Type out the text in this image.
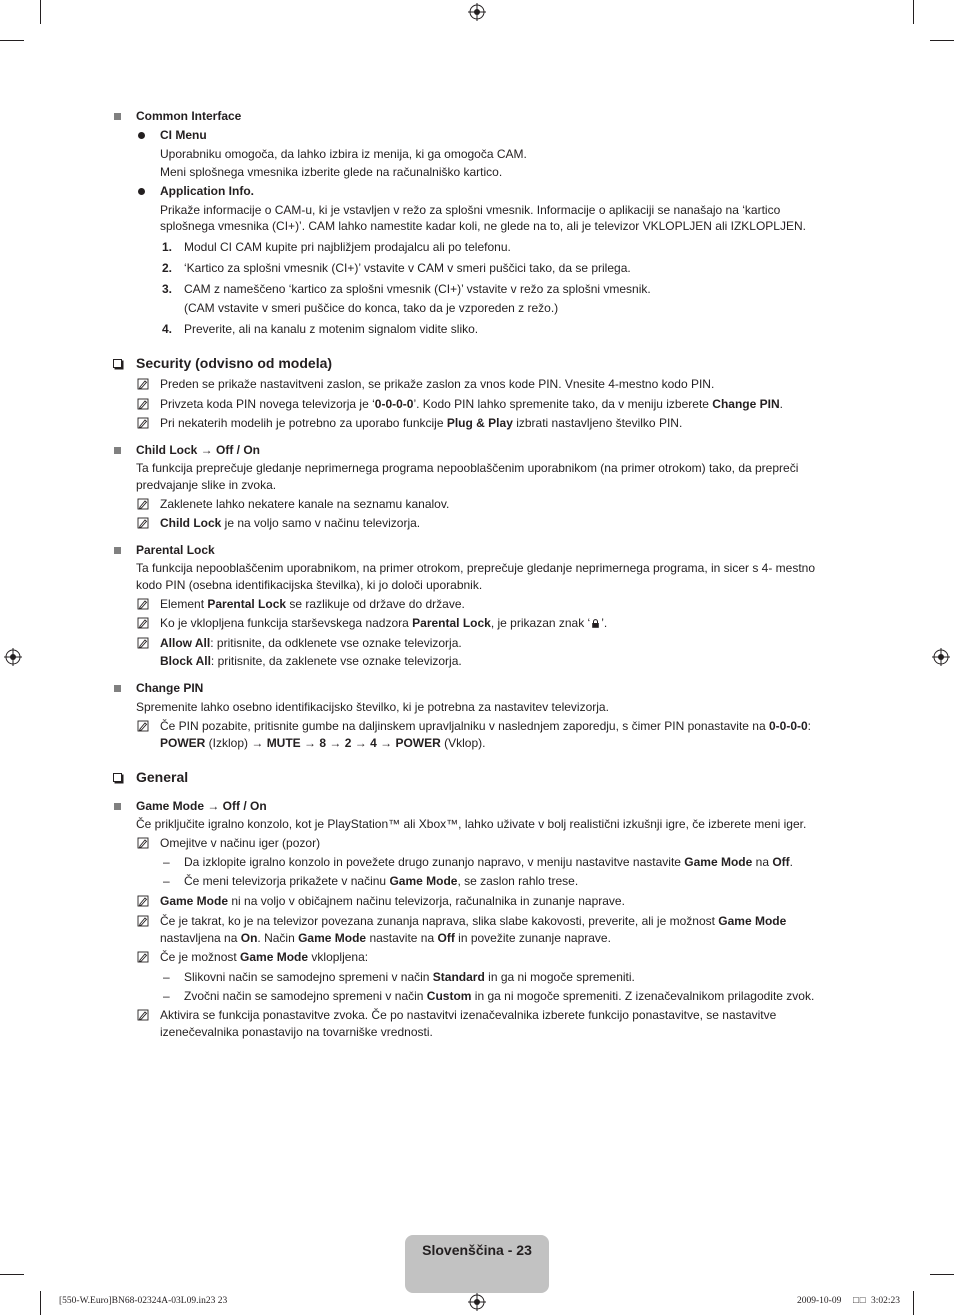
Common Interface
CI Menu
Uporabniku omogoča, da lahko izbira iz menija, ki ga omogoča CAM.
Meni splošnega vmesnika izberite glede na računalniško kartico.
Application Info.
Prikaže informacije o CAM-u, ki je vstavljen v režo za splošni vmesnik. Informacije o aplikaciji se nanašajo na ‘kartico
splošnega vmesnika (CI+)’. CAM lahko namestite kadar koli, ne glede na to, ali je televizor VKLOPLJEN ali IZKLOPLJEN.
1. Modul CI CAM kupite pri najbližjem prodajalcu ali po telefonu.
2. ‘Kartico za splošni vmesnik (CI+)’ vstavite v CAM v smeri puščici tako, da se prilega.
3. CAM z nameščeno ‘kartico za splošni vmesnik (CI+)’ vstavite v režo za splošni vmesnik.
(CAM vstavite v smeri puščice do konca, tako da je vzporeden z režo.)
4. Preverite, ali na kanalu z motenim signalom vidite sliko.
Security (odvisno od modela)
Preden se prikaže nastavitveni zaslon, se prikaže zaslon za vnos kode PIN. Vnesite 4-mestno kodo PIN.
Privzeta koda PIN novega televizorja je ‘0-0-0-0’. Kodo PIN lahko spremenite tako, da v meniju izberete Change PIN.
Pri nekaterih modelih je potrebno za uporabo funkcije Plug & Play izbrati nastavljeno številko PIN.
Child Lock → Off / On
Ta funkcija preprečuje gledanje neprimernega programa nepooblaščenim uporabnikom (na primer otrokom) tako, da prepreči
predvajanje slike in zvoka.
Zaklenete lahko nekatere kanale na seznamu kanalov.
Child Lock je na voljo samo v načinu televizorja.
Parental Lock
Ta funkcija nepooblaščenim uporabnikom, na primer otrokom, preprečuje gledanje neprimernega programa, in sicer s 4- mestno
kodo PIN (osebna identifikacijska številka), ki jo določi uporabnik.
Element Parental Lock se razlikuje od države do države.
Ko je vklopljena funkcija starševskega nadzora Parental Lock, je prikazan znak ‘ ’.
Allow All: pritisnite, da odklenete vse oznake televizorja.
Block All: pritisnite, da zaklenete vse oznake televizorja.
Change PIN
Spremenite lahko osebno identifikacijsko številko, ki je potrebna za nastavitev televizorja.
Če PIN pozabite, pritisnite gumbe na daljinskem upravljalniku v naslednjem zaporedju, s čimer PIN ponastavite na 0-0-0-0:
POWER (Izklop) → MUTE → 8 → 2 → 4 → POWER (Vklop).
General
Game Mode → Off / On
Če priključite igralno konzolo, kot je PlayStation™ ali Xbox™, lahko uživate v bolj realistični izkušnji igre, če izberete meni iger.
Omejitve v načinu iger (pozor)
– Da izklopite igralno konzolo in povežete drugo zunanjo napravo, v meniju nastavitve nastavite Game Mode na Off.
– Če meni televizorja prikažete v načinu Game Mode, se zaslon rahlo trese.
Game Mode ni na voljo v običajnem načinu televizorja, računalnika in zunanje naprave.
Če je takrat, ko je na televizor povezana zunanja naprava, slika slabe kakovosti, preverite, ali je možnost Game Mode
nastavljena na On. Način Game Mode nastavite na Off in povežite zunanje naprave.
Če je možnost Game Mode vklopljena:
– Slikovni način se samodejno spremeni v način Standard in ga ni mogoče spremeniti.
– Zvočni način se samodejno spremeni v način Custom in ga ni mogoče spremeniti. Z izenačevalnikom prilagodite zvok.
Aktivira se funkcija ponastavitve zvoka. Če po nastavitvi izenačevalnika izberete funkcijo ponastavitve, se nastavitve
izenečevalnika ponastavijo na tovarniške vrednosti.
Slovenščina - 23
[550-W.Euro]BN68-02324A-03L09.in23 23	2009-10-09 □□ 3:02:23
